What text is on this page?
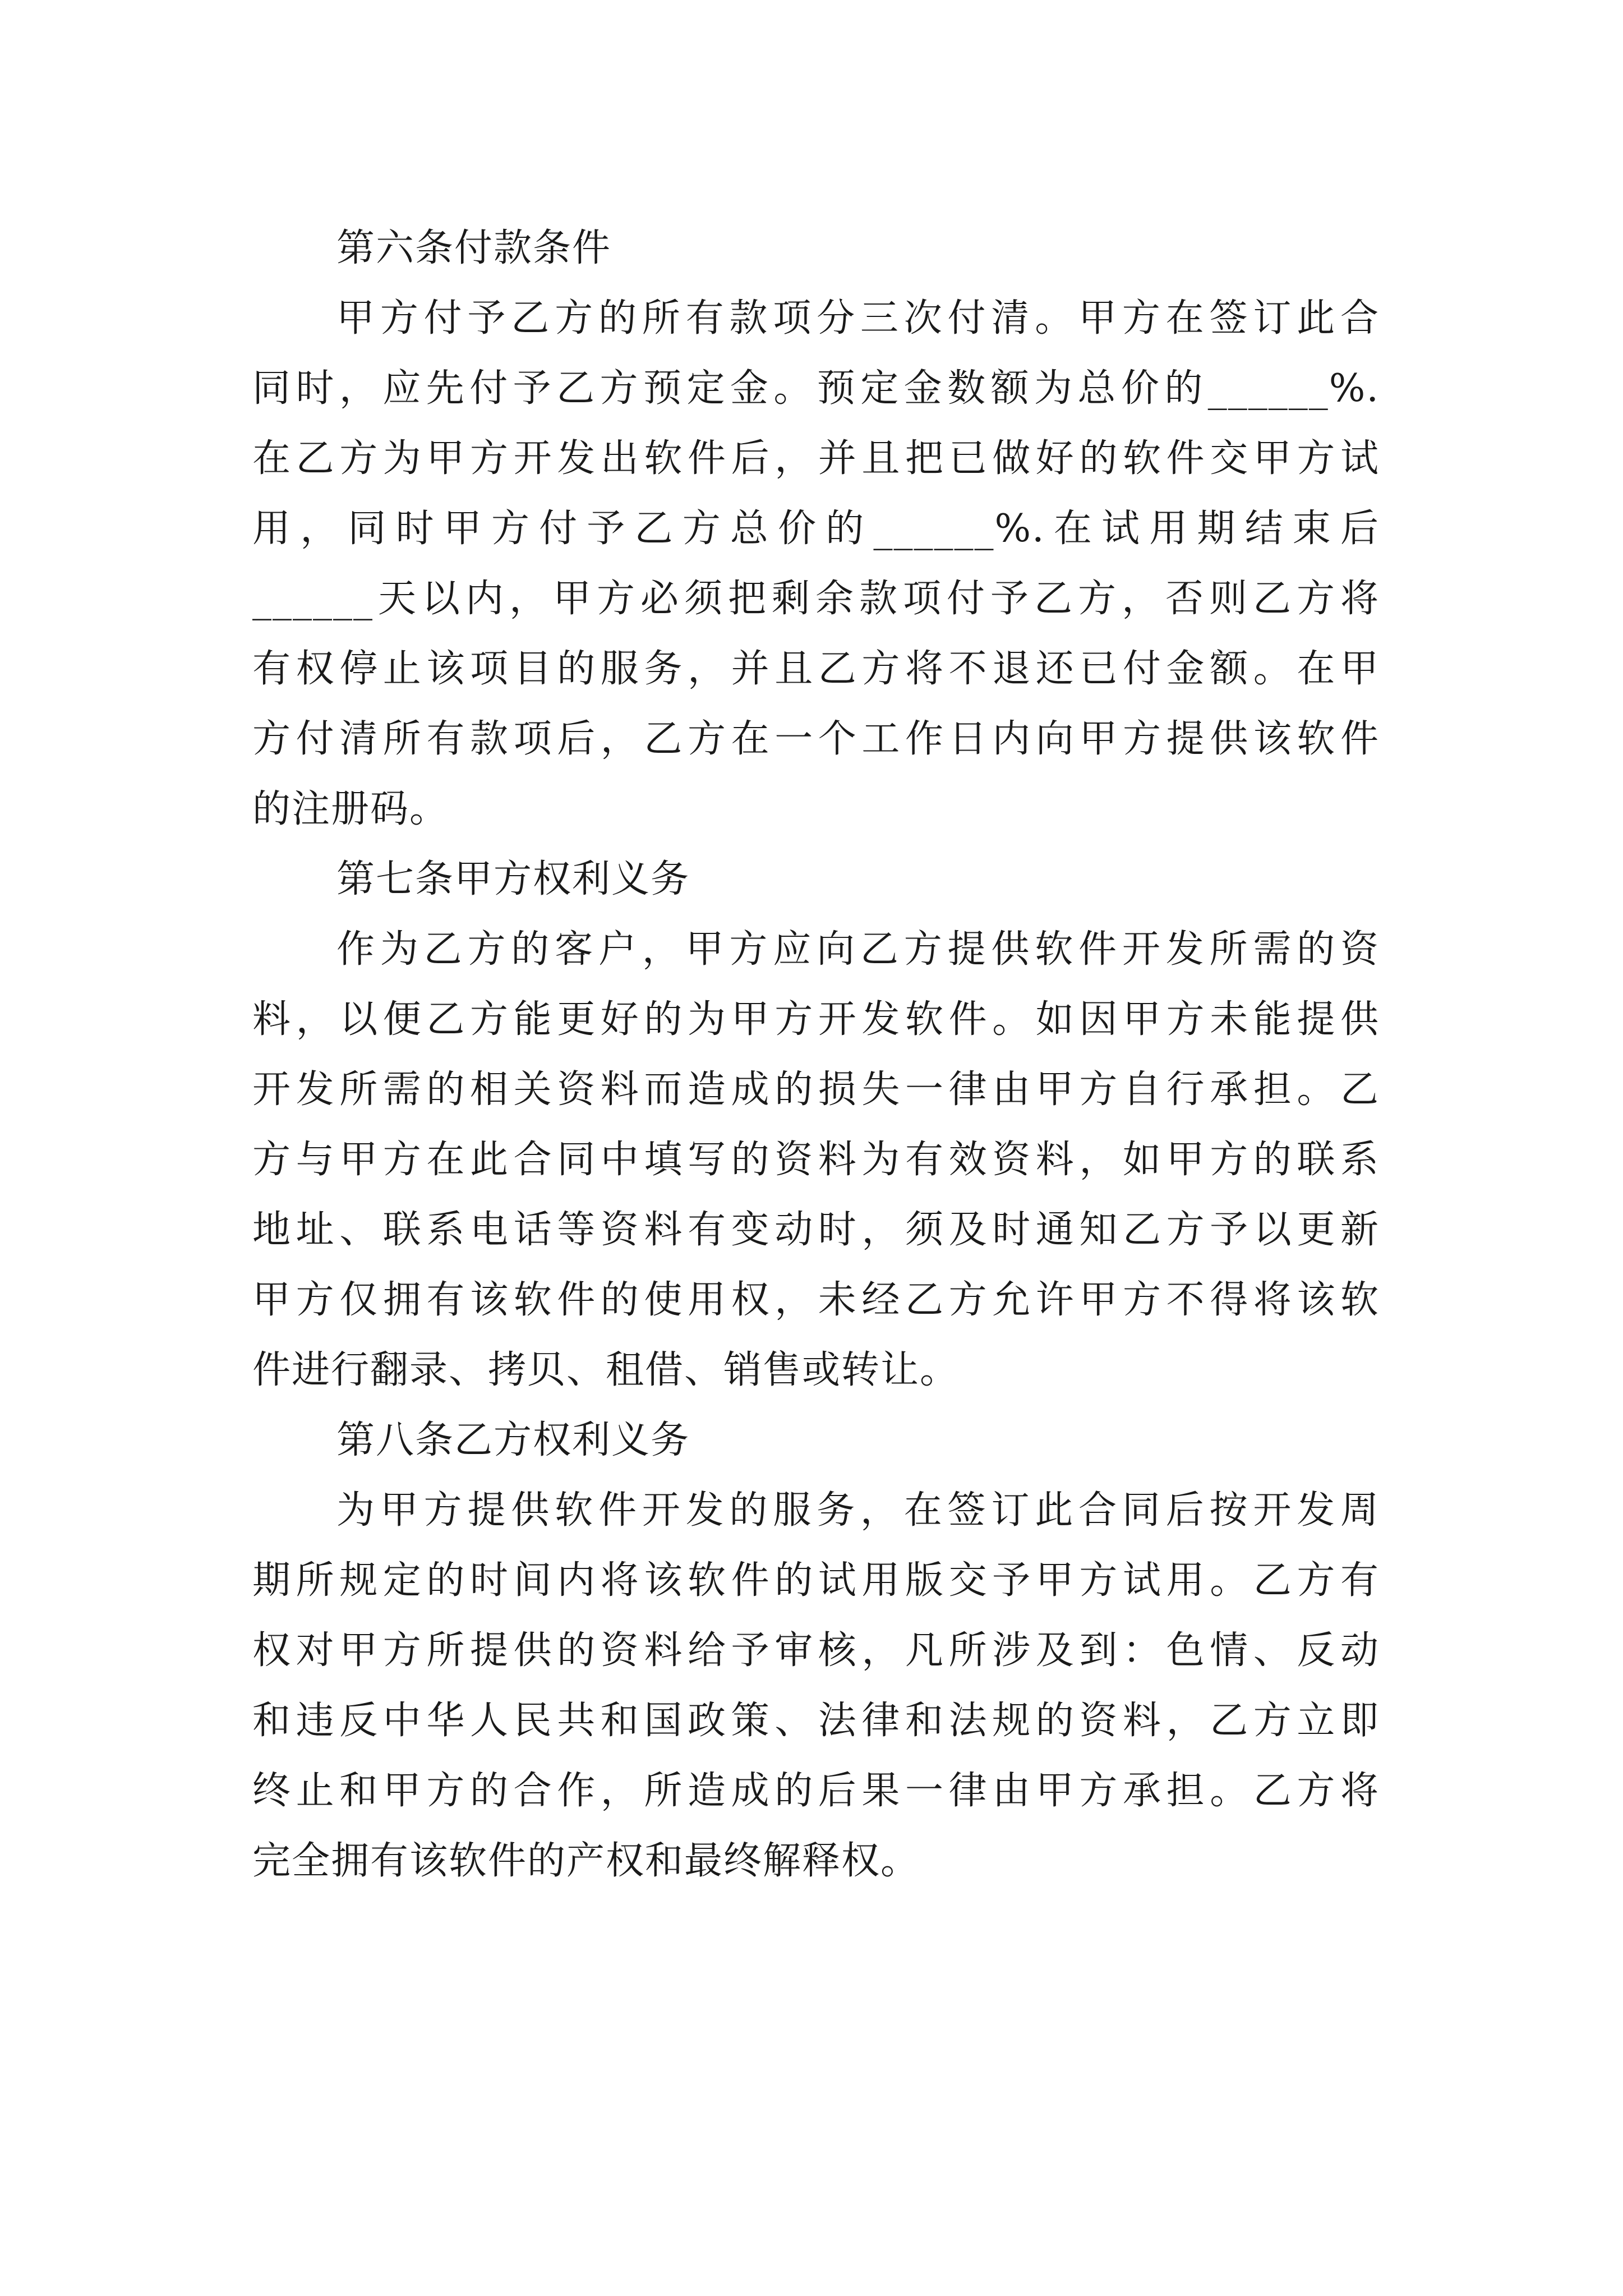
第六条付款条件
甲方付予乙方的所有款项分三次付清。甲方在签订此合
同时，应先付予乙方预定金。预定金数额为总价的______%.
在乙方为甲方开发出软件后，并且把已做好的软件交甲方试
用，同时甲方付予乙方总价的______%.在试用期结束后
______天以内，甲方必须把剩余款项付予乙方，否则乙方将
有权停止该项目的服务，并且乙方将不退还已付金额。在甲
方付清所有款项后，乙方在一个工作日内向甲方提供该软件
的注册码。
第七条甲方权利义务
作为乙方的客户，甲方应向乙方提供软件开发所需的资
料，以便乙方能更好的为甲方开发软件。如因甲方未能提供
开发所需的相关资料而造成的损失一律由甲方自行承担。乙
方与甲方在此合同中填写的资料为有效资料，如甲方的联系
地址、联系电话等资料有变动时，须及时通知乙方予以更新
甲方仅拥有该软件的使用权，未经乙方允许甲方不得将该软
件进行翻录、拷贝、租借、销售或转让。
第八条乙方权利义务
为甲方提供软件开发的服务，在签订此合同后按开发周
期所规定的时间内将该软件的试用版交予甲方试用。乙方有
权对甲方所提供的资料给予审核，凡所涉及到：色情、反动
和违反中华人民共和国政策、法律和法规的资料，乙方立即
终止和甲方的合作，所造成的后果一律由甲方承担。乙方将
完全拥有该软件的产权和最终解释权。
